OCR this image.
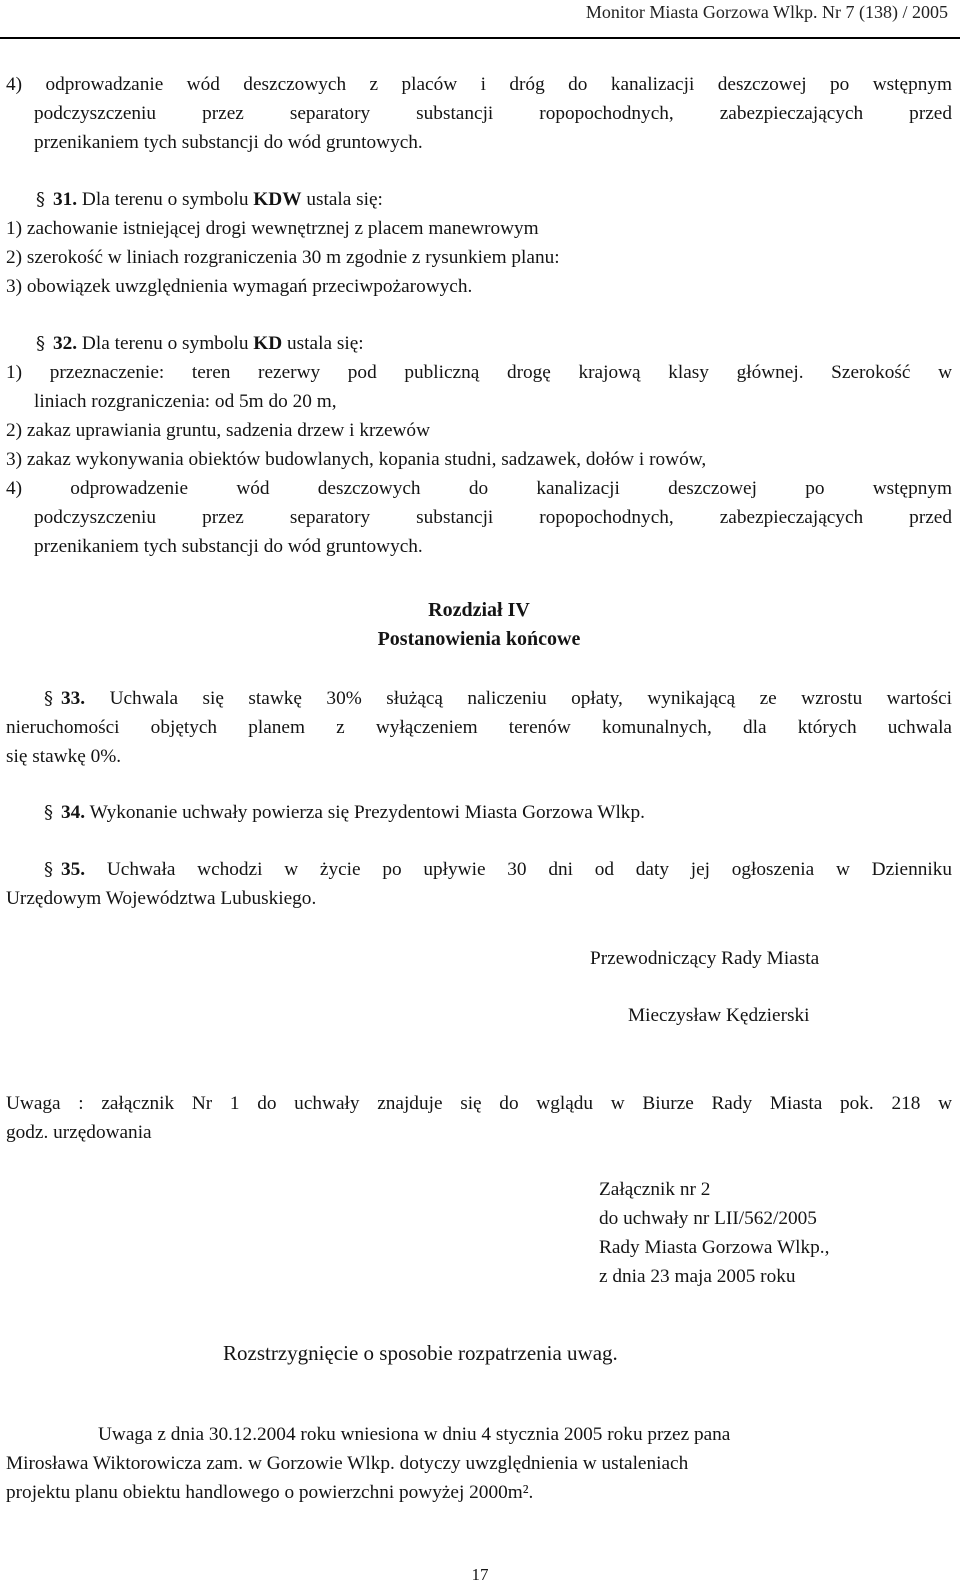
Monitor Miasta Gorzowa Wlkp. Nr 7 (138) / 2005
4) odprowadzanie wód deszczowych z placów i dróg do kanalizacji deszczowej po wstępnym
podczyszczeniu przez separatory substancji ropopochodnych, zabezpieczających przed
przenikaniem tych substancji do wód gruntowych.
§ 31. Dla terenu o symbolu KDW ustala się:
1) zachowanie istniejącej drogi wewnętrznej z placem manewrowym
2) szerokość w liniach rozgraniczenia 30 m zgodnie z rysunkiem planu:
3) obowiązek uwzględnienia wymagań przeciwpożarowych.
§ 32. Dla terenu o symbolu KD ustala się:
1) przeznaczenie: teren rezerwy pod publiczną drogę krajową klasy głównej. Szerokość w
liniach rozgraniczenia: od 5m do 20 m,
2) zakaz uprawiania gruntu, sadzenia drzew i krzewów
3) zakaz wykonywania obiektów budowlanych, kopania studni, sadzawek, dołów i rowów,
4) odprowadzenie wód deszczowych do kanalizacji deszczowej po wstępnym
podczyszczeniu przez separatory substancji ropopochodnych, zabezpieczających przed
przenikaniem tych substancji do wód gruntowych.
Rozdział IV
Postanowienia końcowe
§ 33. Uchwala się stawkę 30% służącą naliczeniu opłaty, wynikającą ze wzrostu wartości
nieruchomości objętych planem z wyłączeniem terenów komunalnych, dla których uchwala
się stawkę 0%.
§ 34. Wykonanie uchwały powierza się Prezydentowi Miasta Gorzowa Wlkp.
§ 35. Uchwała wchodzi w życie po upływie 30 dni od daty jej ogłoszenia w Dzienniku
Urzędowym Województwa Lubuskiego.
Przewodniczący Rady Miasta
Mieczysław Kędzierski
Uwaga : załącznik Nr 1 do uchwały znajduje się do wglądu w Biurze Rady Miasta pok. 218 w
godz. urzędowania
Załącznik nr 2
do uchwały nr LII/562/2005
Rady Miasta Gorzowa Wlkp.,
z dnia 23 maja 2005 roku
Rozstrzygnięcie o sposobie rozpatrzenia uwag.
Uwaga z dnia 30.12.2004 roku wniesiona w dniu 4 stycznia 2005 roku przez pana
Mirosława Wiktorowicza zam. w Gorzowie Wlkp. dotyczy uwzględnienia w ustaleniach
projektu planu obiektu handlowego o powierzchni powyżej 2000m².
17
